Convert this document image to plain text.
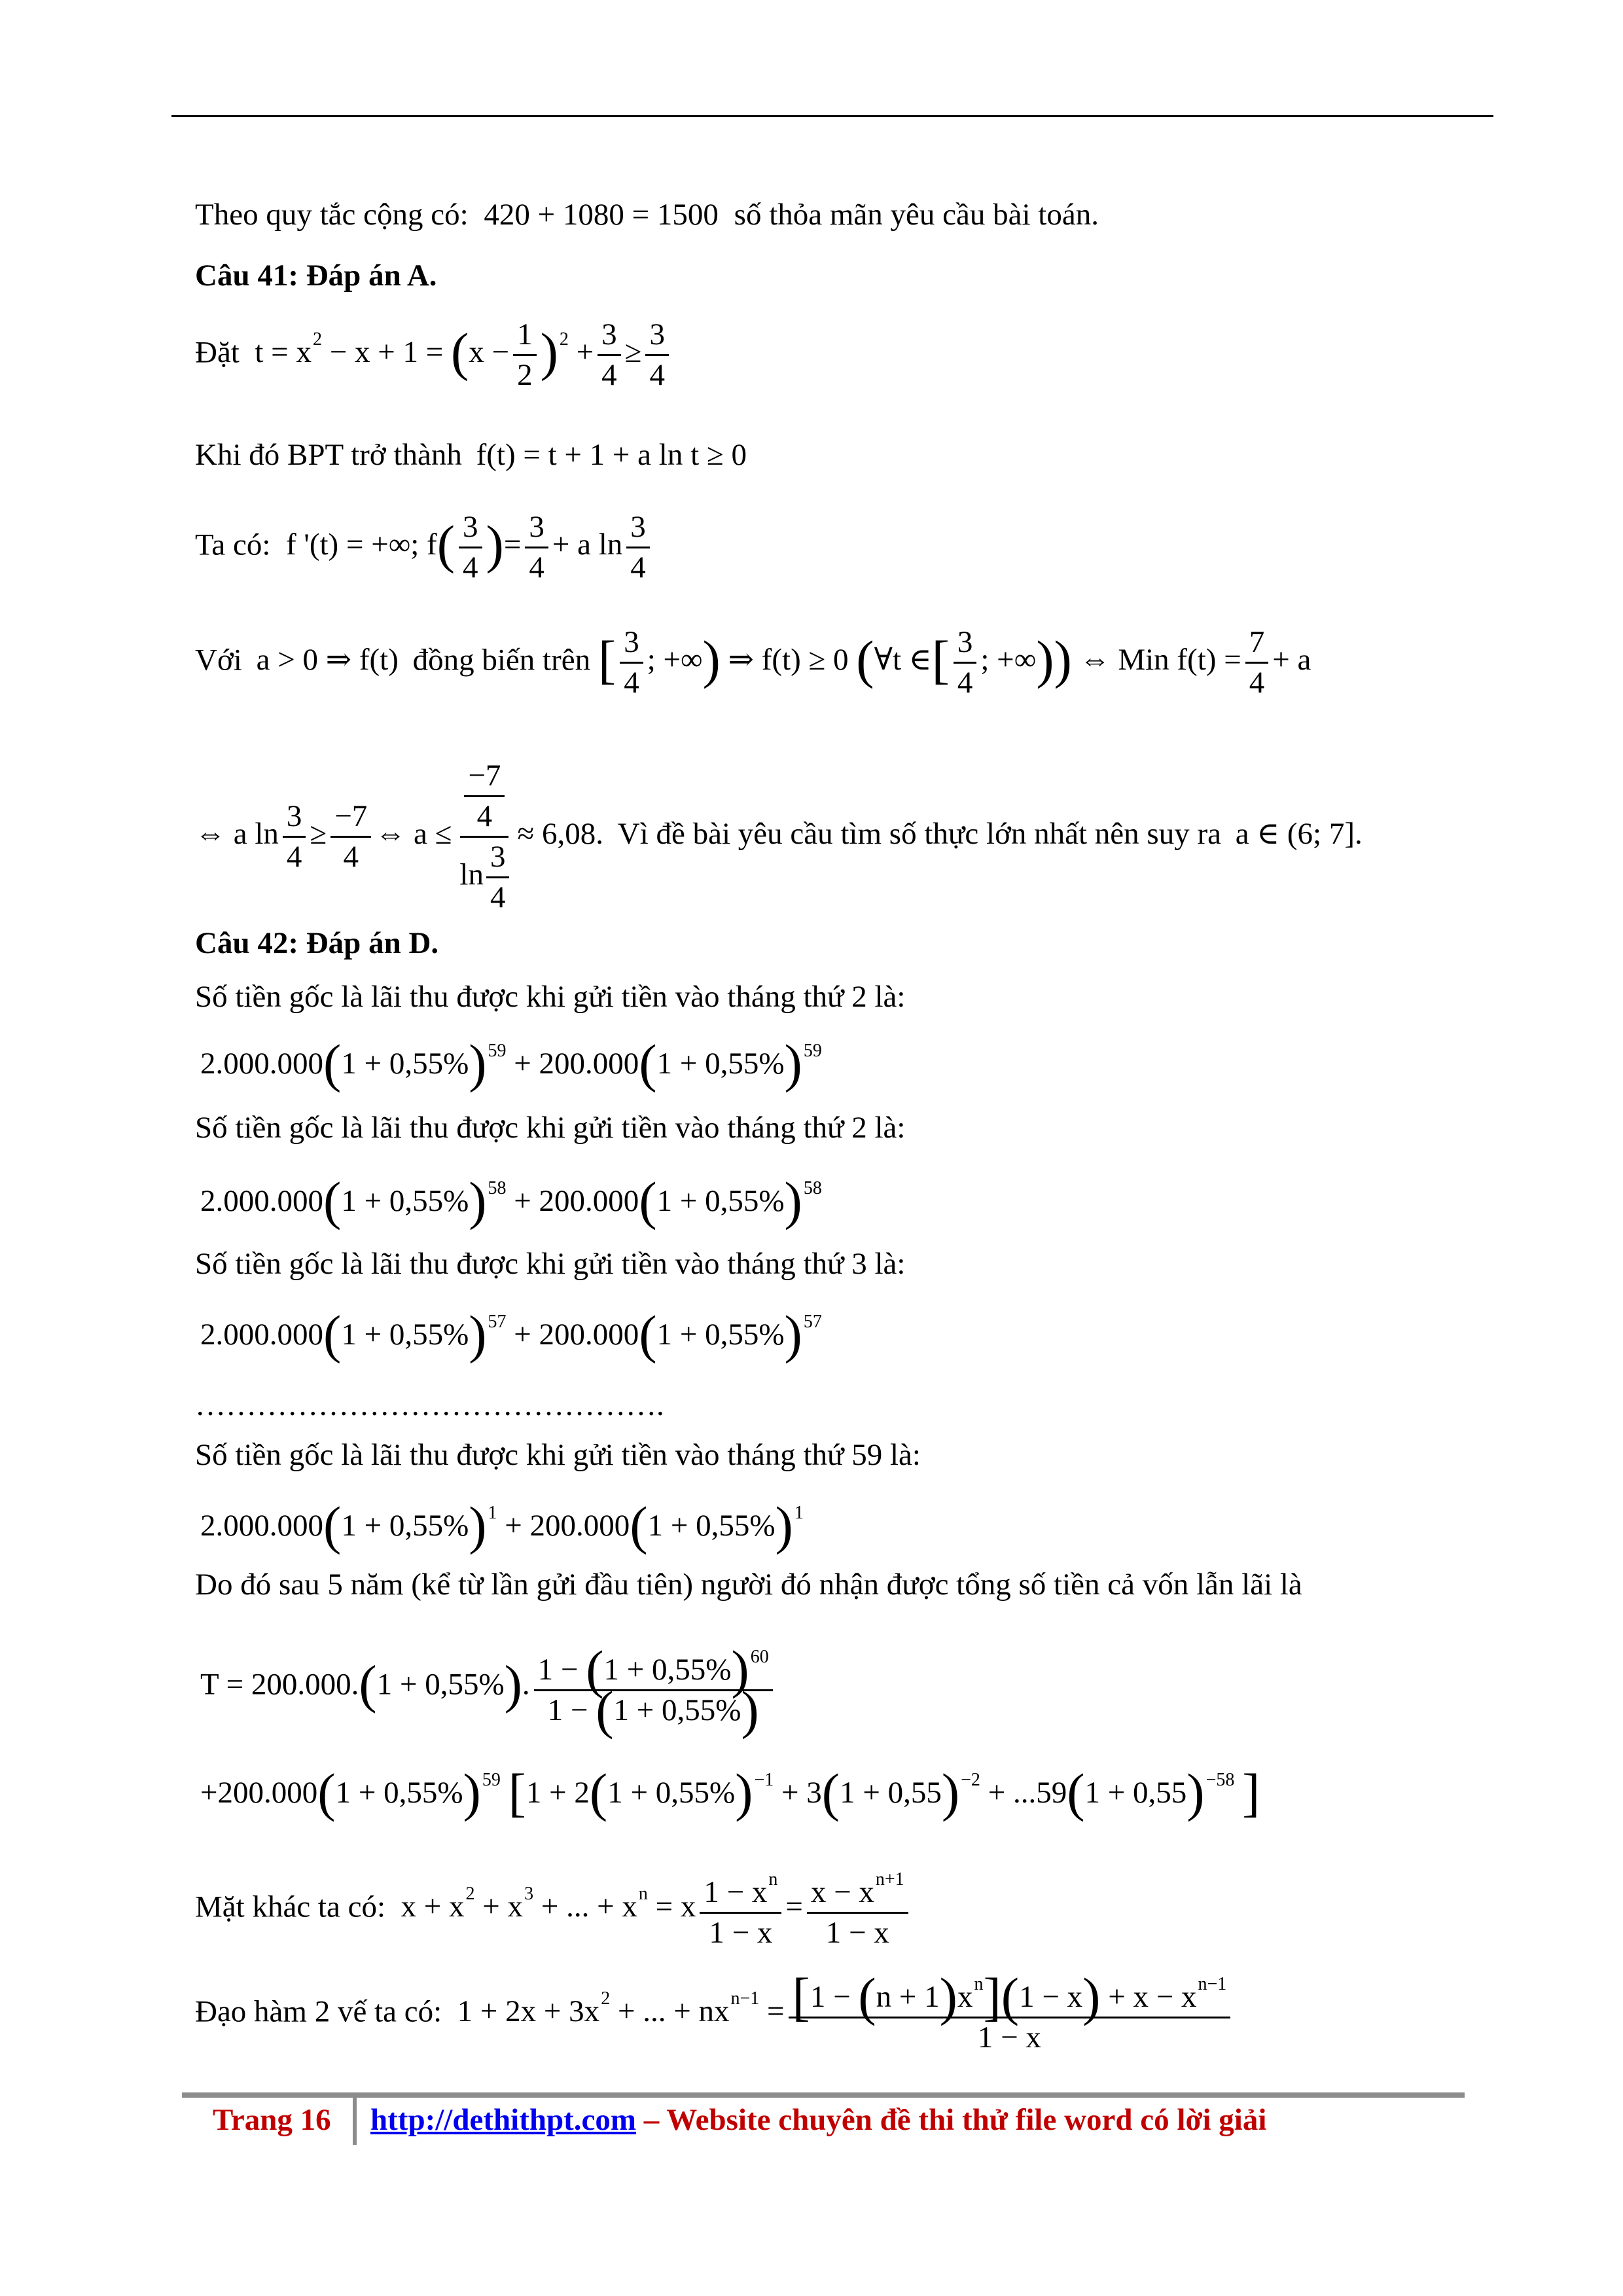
Theo quy tắc cộng có: 420 + 1080 = 1500 số thỏa mãn yêu cầu bài toán.
Câu 41: Đáp án A.
Đặt  $t = x^2 - x + 1 = (x - \frac{1}{2} )^2 + \frac{3}{4} \ge \frac{3}{4}$
Khi đó BPT trở thành f(t) = t + 1 + a ln t ≥ 0
Ta có:  f '(t) = +∞; $f( \frac{3}{4}$ )= $\frac{3}{4} + a$ $\ln \frac{3}{4}$
Với a > 0 ⇒ f(t) đồng biến trên [ $\frac{3}{4}$ ; +∞) ⇒ f(t) ≥ 0 (∀t ∈[ $\frac{3}{4}$ ; +∞)) ⇔ Min $f(t) = \frac{7}{4} + a$
⇔ a $\ln \frac{3}{4} \ge \frac{-7}{4}$ ⇔ $a \le \frac{\frac{-7}{4}}{\ln \frac{3}{4}} \approx 6,08$. Vì đề bài yêu cầu tìm số thực lớn nhất nên suy ra a ∈ (6; 7].
Câu 42: Đáp án D.
Số tiền gốc là lãi thu được khi gửi tiền vào tháng thứ 2 là:
$2.000.000(1 + 0,55\%)^{59} + 200.000(1 + 0,55\%)^{59}$
Số tiền gốc là lãi thu được khi gửi tiền vào tháng thứ 2 là:
$2.000.000(1 + 0,55\%)^{58} + 200.000(1 + 0,55\%)^{58}$
Số tiền gốc là lãi thu được khi gửi tiền vào tháng thứ 3 là:
$2.000.000(1 + 0,55\%)^{57} + 200.000(1 + 0,55\%)^{57}$
……………………………………….
Số tiền gốc là lãi thu được khi gửi tiền vào tháng thứ 59 là:
$2.000.000(1 + 0,55\%)^1 + 200.000(1 + 0,55\%)^1$
Do đó sau 5 năm (kể từ lần gửi đầu tiên) người đó nhận được tổng số tiền cả vốn lẫn lãi là
T = 200.000.(1 + 0,55%). $\frac{1 - (1 + 0,55\%)^{60}}{1 - (1 + 0,55\%)}$
$+200.000(1 + 0,55\%)^{59}$ [$1 + 2(1 + 0,55\%)^{-1} + 3(1 + 0,55)^{-2} + ...59(1 + 0,55)^{-58}$ ]
Mặt khác ta có:  $x + x^2 + x^3$ + ... + $x^n = x \frac{1 - x^n}{1 - x} = \frac{x - x^{n+1}}{1 - x}$
Đạo hàm 2 vế ta có:  $1 + 2x + 3x^2$ + ... + $nx^{n-1} = \frac{[1 - (n + 1)x^n](1 - x) + x - x^{n-1}}{1 - x}$
Trang 16 http://dethithpt.com – Website chuyên đề thi thử file word có lời giải
